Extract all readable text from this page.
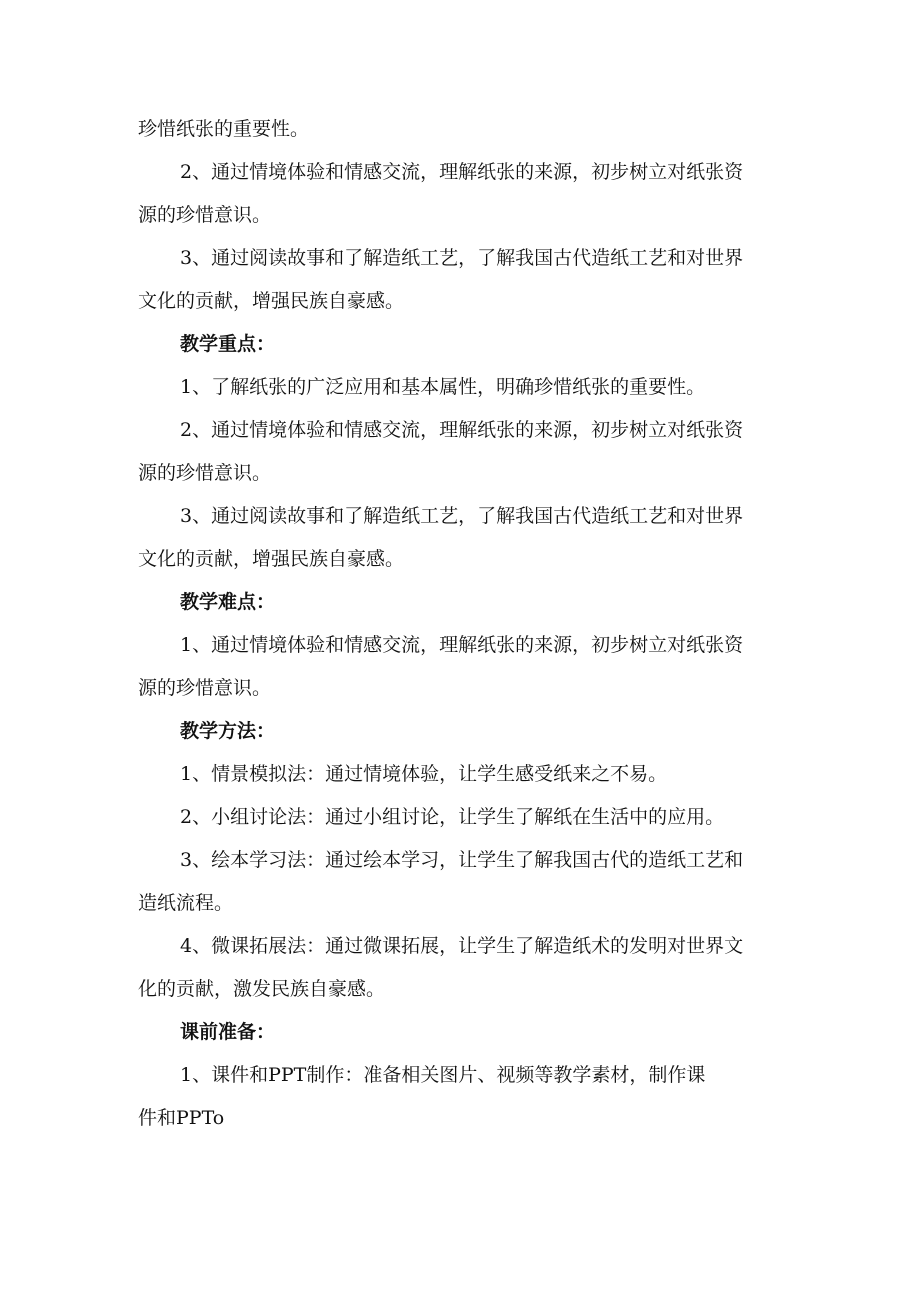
珍惜纸张的重要性。
2、通过情境体验和情感交流，理解纸张的来源，初步树立对纸张资
源的珍惜意识。
3、通过阅读故事和了解造纸工艺，了解我国古代造纸工艺和对世界
文化的贡献，增强民族自豪感。
教学重点：
1、了解纸张的广泛应用和基本属性，明确珍惜纸张的重要性。
2、通过情境体验和情感交流，理解纸张的来源，初步树立对纸张资
源的珍惜意识。
3、通过阅读故事和了解造纸工艺，了解我国古代造纸工艺和对世界
文化的贡献，增强民族自豪感。
教学难点：
1、通过情境体验和情感交流，理解纸张的来源，初步树立对纸张资
源的珍惜意识。
教学方法：
1、情景模拟法：通过情境体验，让学生感受纸来之不易。
2、小组讨论法：通过小组讨论，让学生了解纸在生活中的应用。
3、绘本学习法：通过绘本学习，让学生了解我国古代的造纸工艺和
造纸流程。
4、微课拓展法：通过微课拓展，让学生了解造纸术的发明对世界文
化的贡献，激发民族自豪感。
课前准备：
1、课件和PPT制作：准备相关图片、视频等教学素材，制作课
件和PPTo
